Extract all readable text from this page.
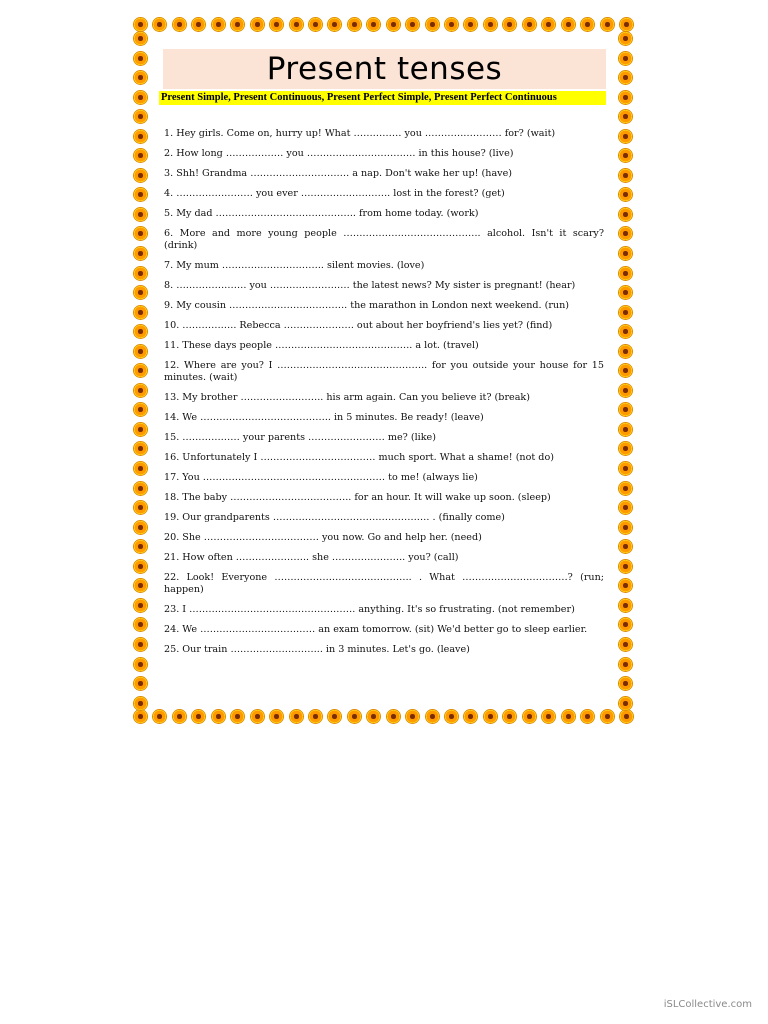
Present tenses
Present Simple, Present Continuous, Present Perfect Simple, Present Perfect Continuous

1. Hey girls. Come on, hurry up! What …………… you …………………… for? (wait)

2. How long ……………… you ……………………………. in this house? (live)

3. Shh! Grandma …………………………. a nap. Don't wake her up! (have)

4. …………………… you ever ………………………. lost in the forest? (get)

5. My dad …………………………………….. from home today. (work)

6. More and more young people ……………………………………. alcohol. Isn't it scary? (drink)

7. My mum ………………………….. silent movies. (love)

8. …………………. you ……………………. the latest news? My sister is pregnant! (hear)

9. My cousin ………………………………. the marathon in London next weekend. (run)

10. …………….. Rebecca …………………. out about her boyfriend's lies yet? (find)

11. These days people ……………………………………. a lot. (travel)

12. Where are you? I ……………………………………….. for you outside your house for 15 minutes. (wait)

13. My brother …………………….. his arm again. Can you believe it? (break)

14. We ………………………………….. in 5 minutes. Be ready! (leave)

15. ……………… your parents …………………… me? (like)

16. Unfortunately I ……………………………… much sport. What a shame! (not do)

17. You ………………………………………………… to me! (always lie)

18. The baby ……………………………….. for an hour. It will wake up soon. (sleep)

19. Our grandparents …………………………………………. . (finally come)

20. She ……………………………… you now. Go and help her. (need)

21. How often ………………….. she ………………….. you? (call)

22. Look! Everyone ……………………………………. . What ……………………………? (run; happen)

23. I ……………………………………………. anything. It's so frustrating. (not remember)

24. We ……………………………… an exam tomorrow. (sit) We'd better go to sleep earlier.

25. Our train ……………………….. in 3 minutes. Let's go. (leave)

iSLCollective.com
